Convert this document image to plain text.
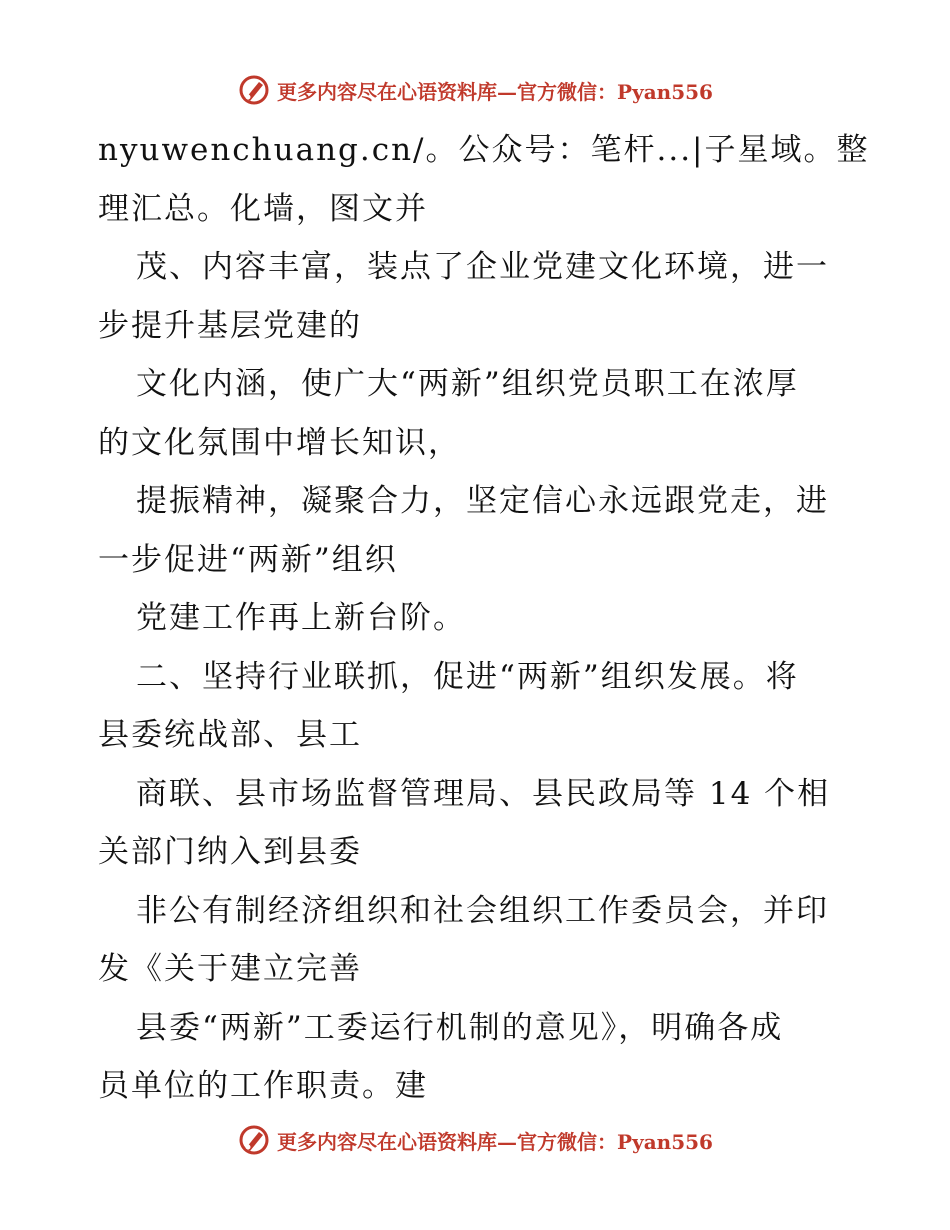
更多内容尽在心语资料库—官方微信：Pyan556
nyuwenchuang.cn/。公众号：笔杆...|子星域。整
理汇总。化墙，图文并
茂、内容丰富，装点了企业党建文化环境，进一
步提升基层党建的
文化内涵，使广大“两新”组织党员职工在浓厚
的文化氛围中增长知识，
提振精神，凝聚合力，坚定信心永远跟党走，进
一步促进“两新”组织
党建工作再上新台阶。
二、坚持行业联抓，促进“两新”组织发展。将
县委统战部、县工
商联、县市场监督管理局、县民政局等 14 个相
关部门纳入到县委
非公有制经济组织和社会组织工作委员会，并印
发《关于建立完善
县委“两新”工委运行机制的意见》，明确各成
员单位的工作职责。建
更多内容尽在心语资料库—官方微信：Pyan556
